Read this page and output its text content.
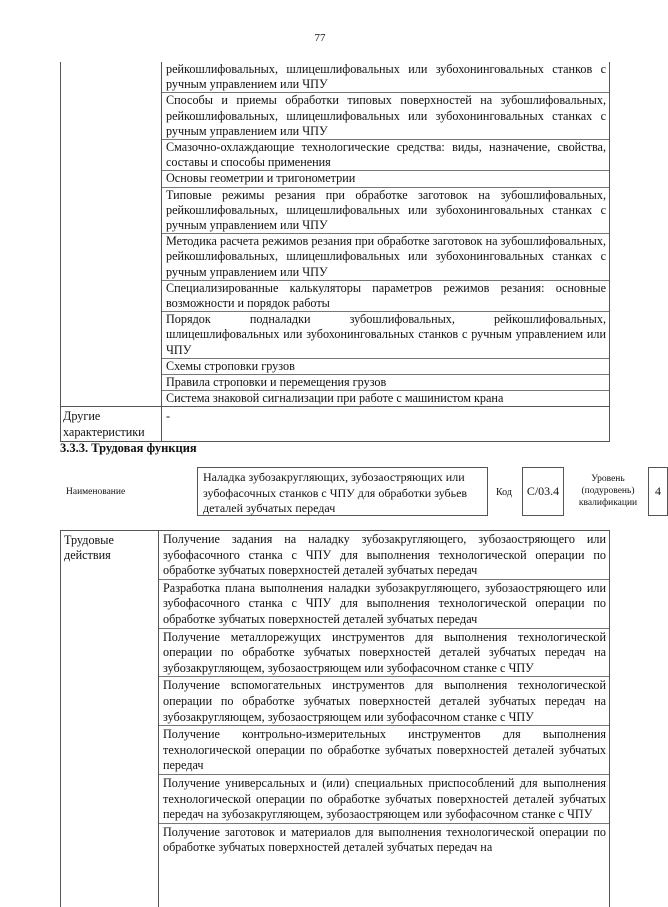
77
рейкошлифовальных, шлицешлифовальных или зубохонинговальных станков с ручным управлением или ЧПУ
Способы и приемы обработки типовых поверхностей на зубошлифовальных, рейкошлифовальных, шлицешлифовальных или зубохонинговальных станках с ручным управлением или ЧПУ
Смазочно-охлаждающие технологические средства: виды, назначение, свойства, составы и способы применения
Основы геометрии и тригонометрии
Типовые режимы резания при обработке заготовок на зубошлифовальных, рейкошлифовальных, шлицешлифовальных или зубохонинговальных станках с ручным управлением или ЧПУ
Методика расчета режимов резания при обработке заготовок на зубошлифовальных, рейкошлифовальных, шлицешлифовальных или зубохонинговальных станках с ручным управлением или ЧПУ
Специализированные калькуляторы параметров режимов резания: основные возможности и порядок работы
Порядок подналадки зубошлифовальных, рейкошлифовальных, шлицешлифовальных или зубохонинговальных станков с ручным управлением или ЧПУ
Схемы строповки грузов
Правила строповки и перемещения грузов
Система знаковой сигнализации при работе с машинистом крана
Другие характеристики
-
3.3.3. Трудовая функция
Наименование
Наладка зубозакругляющих, зубозаостряющих или зубофасочных станков с ЧПУ для обработки зубьев деталей зубчатых передач
Код	C/03.4
Уровень (подуровень) квалификации
4
Трудовые действия
Получение задания на наладку зубозакругляющего, зубозаостряющего или зубофасочного станка с ЧПУ для выполнения технологической операции по обработке зубчатых поверхностей деталей зубчатых передач
Разработка плана выполнения наладки зубозакругляющего, зубозаостряющего или зубофасочного станка с ЧПУ для выполнения технологической операции по обработке зубчатых поверхностей деталей зубчатых передач
Получение металлорежущих инструментов для выполнения технологической операции по обработке зубчатых поверхностей деталей зубчатых передач на зубозакругляющем, зубозаостряющем или зубофасочном станке с ЧПУ
Получение вспомогательных инструментов для выполнения технологической операции по обработке зубчатых поверхностей деталей зубчатых передач на зубозакругляющем, зубозаостряющем или зубофасочном станке с ЧПУ
Получение контрольно-измерительных инструментов для выполнения технологической операции по обработке зубчатых поверхностей деталей зубчатых передач
Получение универсальных и (или) специальных приспособлений для выполнения технологической операции по обработке зубчатых поверхностей деталей зубчатых передач на зубозакругляющем, зубозаостряющем или зубофасочном станке с ЧПУ
Получение заготовок и материалов для выполнения технологической операции по обработке зубчатых поверхностей деталей зубчатых передач на
